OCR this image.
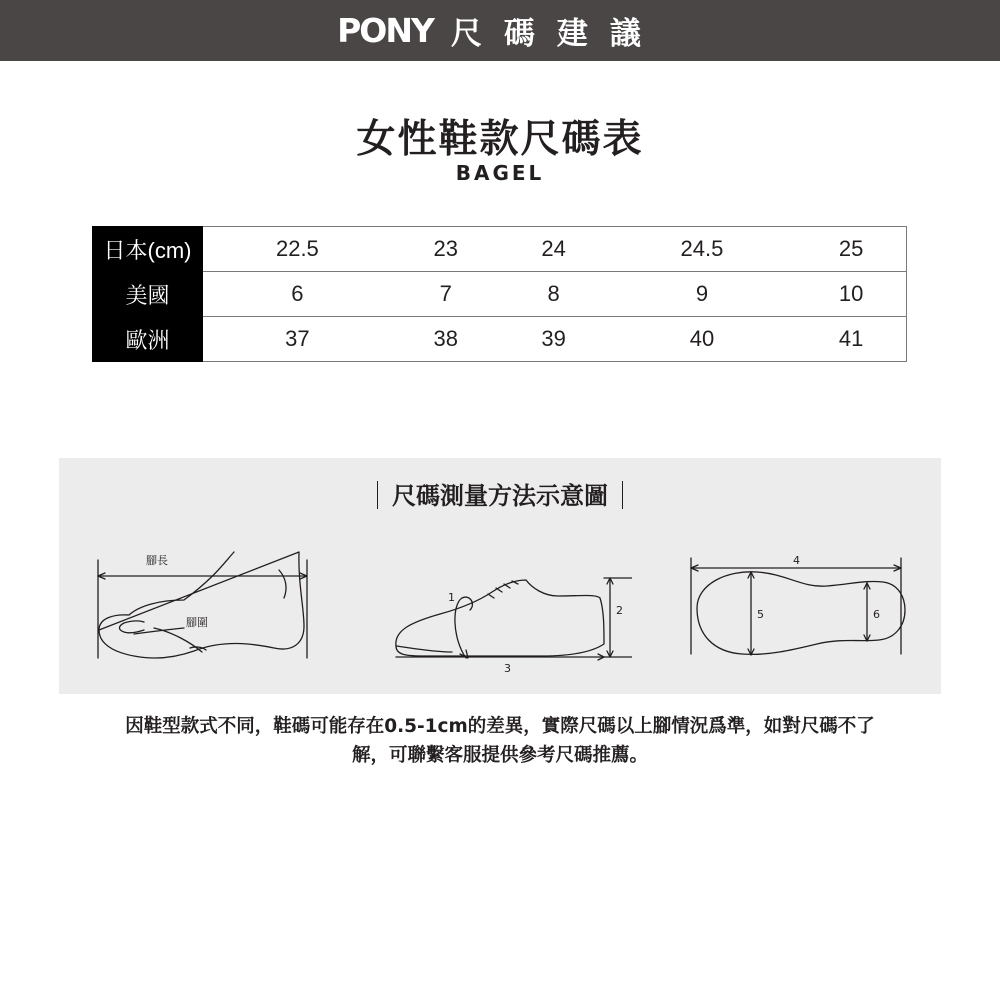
PONY 尺碼建議
女性鞋款尺碼表
BAGEL
日本(cm)	22.5	23	24	24.5	25
美國	6	7	8	9	10
歐洲	37	38	39	40	41
尺碼測量方法示意圖
腳長
腳圍
1
2
3
4
5	6
因鞋型款式不同，鞋碼可能存在0.5-1cm的差異，實際尺碼以上腳情況爲準，如對尺碼不了
解，可聯繫客服提供參考尺碼推薦。
